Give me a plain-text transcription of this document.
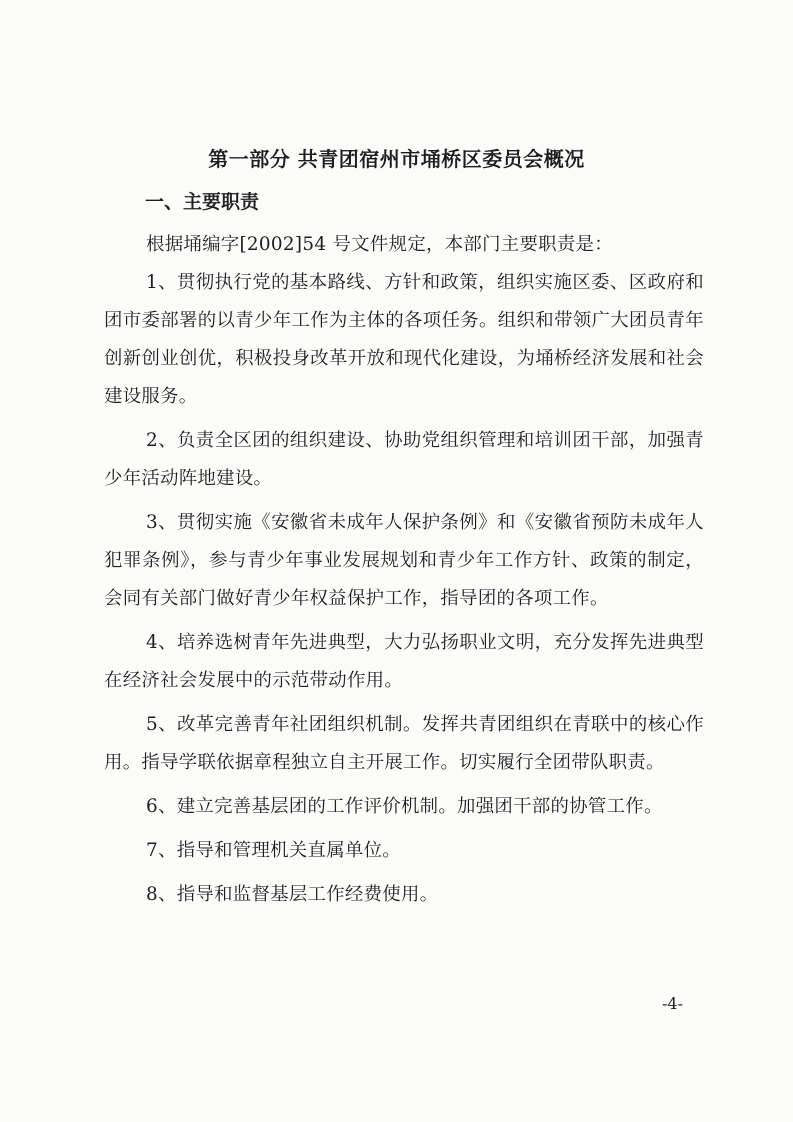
第一部分 共青团宿州市埇桥区委员会概况
一、主要职责
根据埇编字[2002]54 号文件规定，本部门主要职责是：

1、贯彻执行党的基本路线、方针和政策，组织实施区委、区政府和团市委部署的以青少年工作为主体的各项任务。组织和带领广大团员青年创新创业创优，积极投身改革开放和现代化建设，为埇桥经济发展和社会建设服务。

2、负责全区团的组织建设、协助党组织管理和培训团干部，加强青少年活动阵地建设。

3、贯彻实施《安徽省未成年人保护条例》和《安徽省预防未成年人犯罪条例》，参与青少年事业发展规划和青少年工作方针、政策的制定，会同有关部门做好青少年权益保护工作，指导团的各项工作。

4、培养选树青年先进典型，大力弘扬职业文明，充分发挥先进典型在经济社会发展中的示范带动作用。

5、改革完善青年社团组织机制。发挥共青团组织在青联中的核心作用。指导学联依据章程独立自主开展工作。切实履行全团带队职责。

6、建立完善基层团的工作评价机制。加强团干部的协管工作。

7、指导和管理机关直属单位。

8、指导和监督基层工作经费使用。

-4-
